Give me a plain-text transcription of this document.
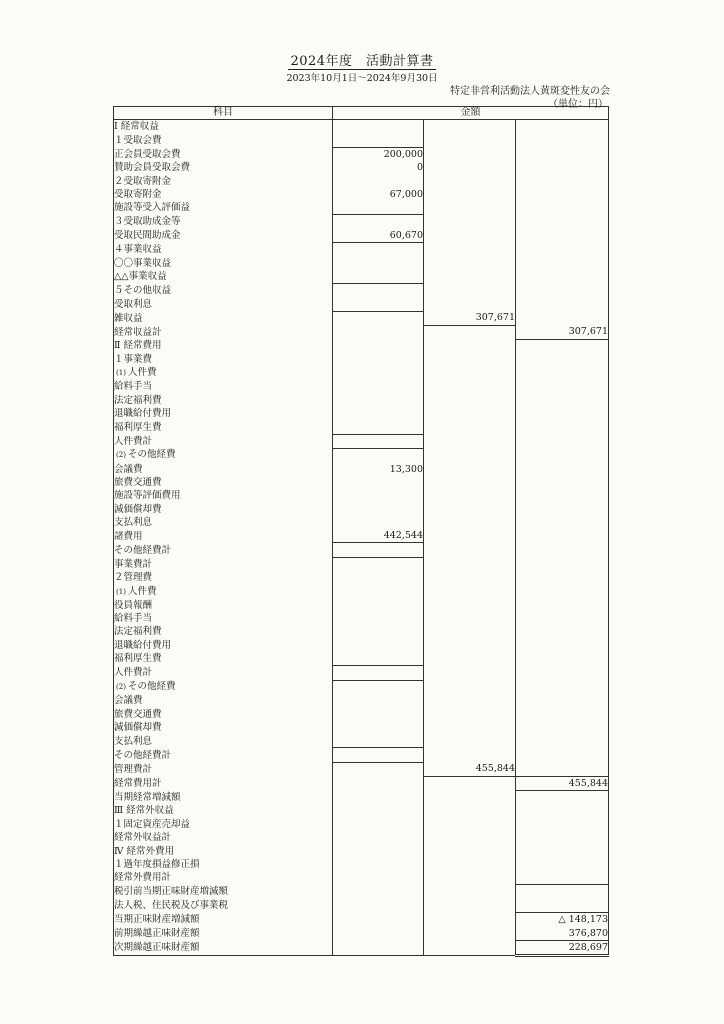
2024年度　活動計算書
2023年10月1日～2024年9月30日
特定非営利活動法人黄斑変性友の会
（単位：円）
科目	金額		
Ⅰ 経常収益			
１受取会費			
正会員受取会費	200,000		
賛助会員受取会費	0		
２受取寄附金			
受取寄附金	67,000		
施設等受入評価益			
３受取助成金等			
受取民間助成金	60,670		
４事業収益			
〇〇事業収益			
△△事業収益			
５その他収益			
受取利息			
雑収益		307,671	
経常収益計			307,671
Ⅱ 経常費用			
１事業費			
(1) 人件費			
給料手当			
法定福利費			
退職給付費用			
福利厚生費			
人件費計			
(2) その他経費			
会議費	13,300		
旅費交通費			
施設等評価費用			
減価償却費			
支払利息			
諸費用	442,544		
その他経費計			
事業費計			
２管理費			
(1) 人件費			
役員報酬			
給料手当			
法定福利費			
退職給付費用			
福利厚生費			
人件費計			
(2) その他経費			
会議費			
旅費交通費			
減価償却費			
支払利息			
その他経費計			
管理費計		455,844	
経常費用計			455,844
当期経常増減額			
Ⅲ 経常外収益			
１固定資産売却益			
経常外収益計			
Ⅳ 経常外費用			
１過年度損益修正損			
経常外費用計			
税引前当期正味財産増減額			
法人税、住民税及び事業税			
当期正味財産増減額			△ 148,173
前期繰越正味財産額			376,870
次期繰越正味財産額			228,697
